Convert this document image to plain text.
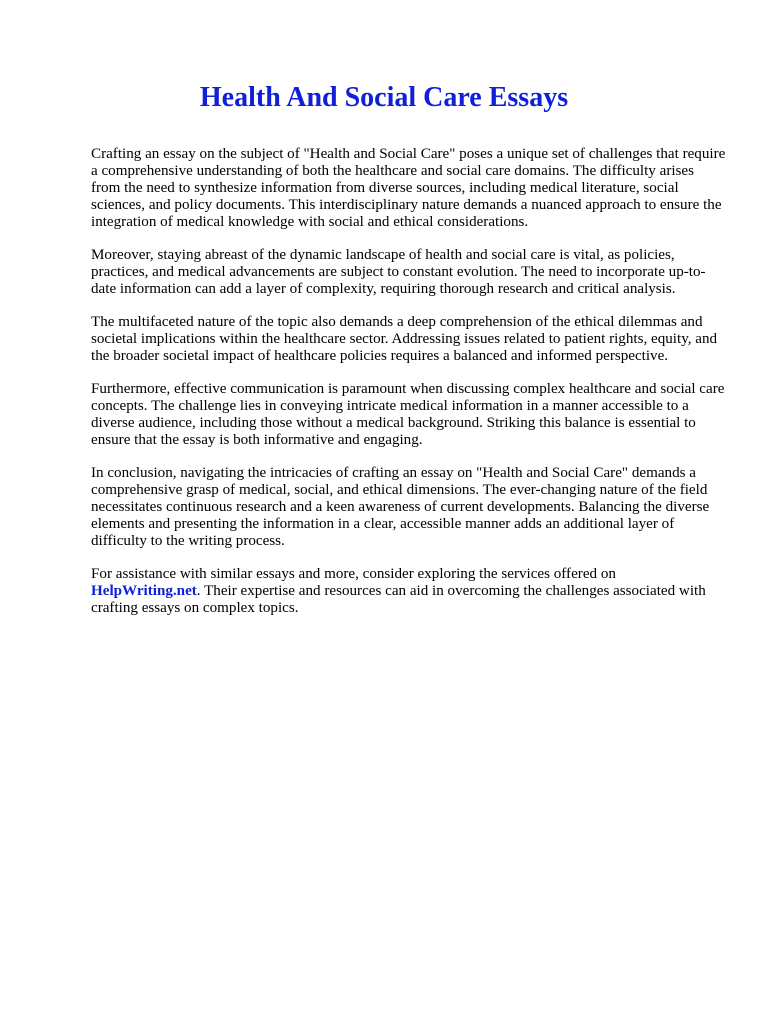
Health And Social Care Essays

Crafting an essay on the subject of "Health and Social Care" poses a unique set of challenges that require a comprehensive understanding of both the healthcare and social care domains. The difficulty arises from the need to synthesize information from diverse sources, including medical literature, social sciences, and policy documents. This interdisciplinary nature demands a nuanced approach to ensure the integration of medical knowledge with social and ethical considerations.

Moreover, staying abreast of the dynamic landscape of health and social care is vital, as policies, practices, and medical advancements are subject to constant evolution. The need to incorporate up-to-date information can add a layer of complexity, requiring thorough research and critical analysis.

The multifaceted nature of the topic also demands a deep comprehension of the ethical dilemmas and societal implications within the healthcare sector. Addressing issues related to patient rights, equity, and the broader societal impact of healthcare policies requires a balanced and informed perspective.

Furthermore, effective communication is paramount when discussing complex healthcare and social care concepts. The challenge lies in conveying intricate medical information in a manner accessible to a diverse audience, including those without a medical background. Striking this balance is essential to ensure that the essay is both informative and engaging.

In conclusion, navigating the intricacies of crafting an essay on "Health and Social Care" demands a comprehensive grasp of medical, social, and ethical dimensions. The ever-changing nature of the field necessitates continuous research and a keen awareness of current developments. Balancing the diverse elements and presenting the information in a clear, accessible manner adds an additional layer of difficulty to the writing process.

For assistance with similar essays and more, consider exploring the services offered on HelpWriting.net. Their expertise and resources can aid in overcoming the challenges associated with crafting essays on complex topics.
